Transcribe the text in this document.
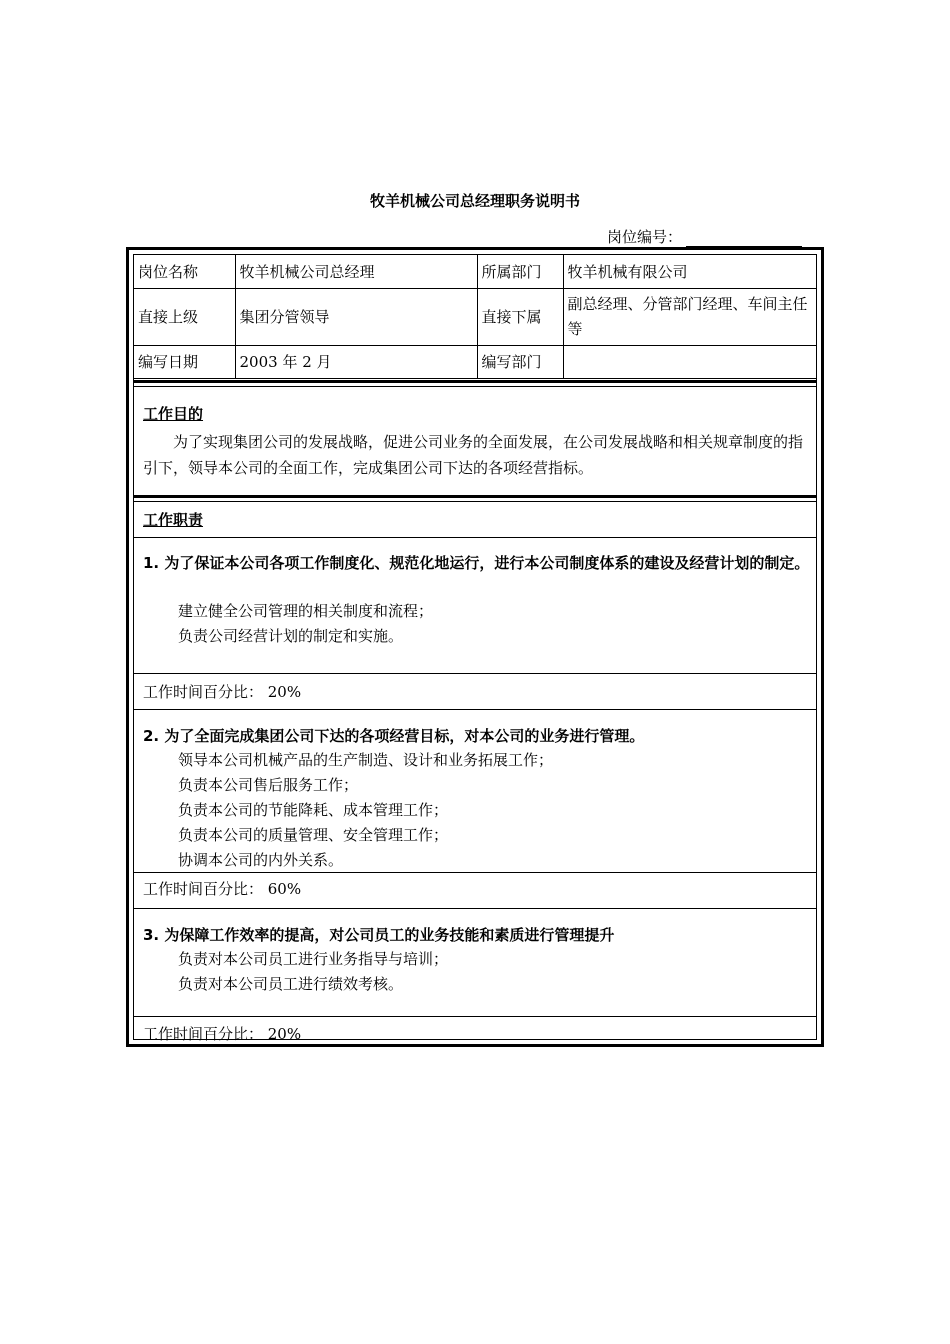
牧羊机械公司总经理职务说明书
岗位编号：
岗位名称	牧羊机械公司总经理	所属部门	牧羊机械有限公司
直接上级	集团分管领导	直接下属	副总经理、分管部门经理、车间主任等
编写日期	2003 年 2 月	编写部门	
工作目的
为了实现集团公司的发展战略，促进公司业务的全面发展，在公司发展战略和相关规章制度的指引下，领导本公司的全面工作，完成集团公司下达的各项经营指标。
工作职责
1. 为了保证本公司各项工作制度化、规范化地运行，进行本公司制度体系的建设及经营计划的制定。
建立健全公司管理的相关制度和流程；
负责公司经营计划的制定和实施。
工作时间百分比： 20%
2. 为了全面完成集团公司下达的各项经营目标，对本公司的业务进行管理。
领导本公司机械产品的生产制造、设计和业务拓展工作；
负责本公司售后服务工作；
负责本公司的节能降耗、成本管理工作；
负责本公司的质量管理、安全管理工作；
协调本公司的内外关系。
工作时间百分比： 60%
3. 为保障工作效率的提高，对公司员工的业务技能和素质进行管理提升
负责对本公司员工进行业务指导与培训；
负责对本公司员工进行绩效考核。
工作时间百分比： 20%
